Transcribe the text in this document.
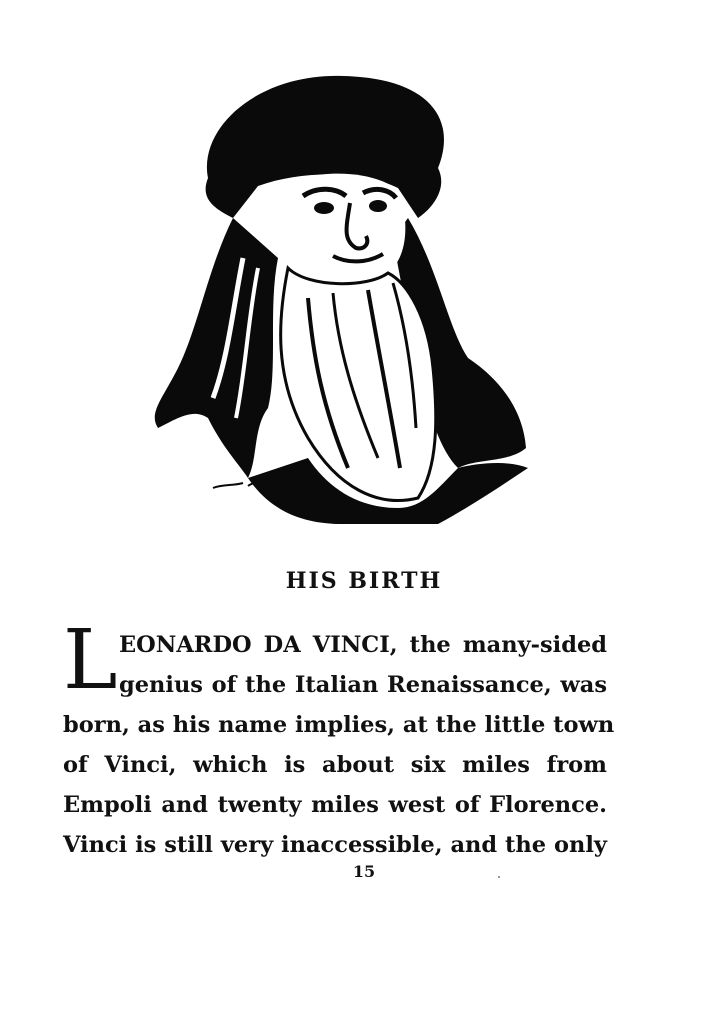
HIS BIRTH
L EONARDO DA VINCI, the many-sided
genius of the Italian Renaissance, was
born, as his name implies, at the little town
of Vinci, which is about six miles from
Empoli and twenty miles west of Florence.
Vinci is still very inaccessible, and the only
15
